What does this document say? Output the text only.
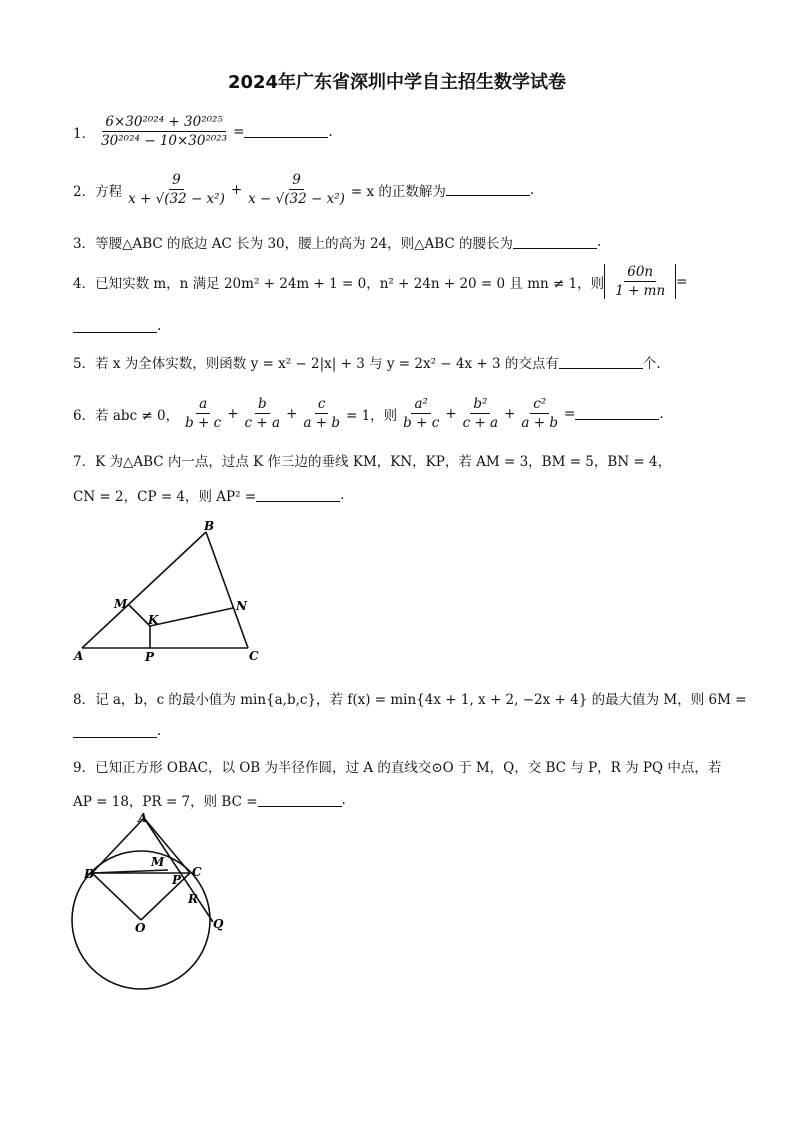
2024年广东省深圳中学自主招生数学试卷
1． $\frac{\text{6×30²⁰²⁴ + 30²⁰²⁵}}{\text{30²⁰²⁴ − 10×30²⁰²³}}$ =	.
2． 方程 $\frac{9}{\text{x + √(32 − x²)}} + \frac{9}{\text{x − √(32 − x²)}} = x$ 的正数解为	.
3． 等腰△ABC 的底边 AC 长为 30，腰上的高为 24，则△ABC 的腰长为	.
4． 已知实数 m，n 满足 20m² + 24m + 1 = 0，n² + 24n + 20 = 0 且 mn ≠ 1，则 $\frac{60n}{1 + mn}$ =
.
5． 若 x 为全体实数，则函数 y = x² − 2|x| + 3 与 y = 2x² − 4x + 3 的交点有	个.
6． 若 abc ≠ 0， $\frac{a}{b + c} + \frac{b}{c + a} + \frac{c}{a + b} = 1$，则 $\frac{\text{a²}}{b + c} + \frac{\text{b²}}{c + a} + \frac{\text{c²}}{a + b}$ =	.
7． K 为△ABC 内一点，过点 K 作三边的垂线 KM，KN，KP，若 AM = 3，BM = 5，BN = 4，
CN = 2，CP = 4，则 AP² =	.
A
B
C
M	N
K
P
8． 记 a，b，c 的最小值为 min{a,b,c}，若 f(x) = min{4x + 1, x + 2, −2x + 4} 的最大值为 M，则 6M =
.
9． 已知正方形 OBAC，以 OB 为半径作圆，过 A 的直线交⊙O 于 M，Q，交 BC 与 P，R 为 PQ 中点，若
AP = 18，PR = 7，则 BC =	.
A
B	C
M
P
R
O	Q
